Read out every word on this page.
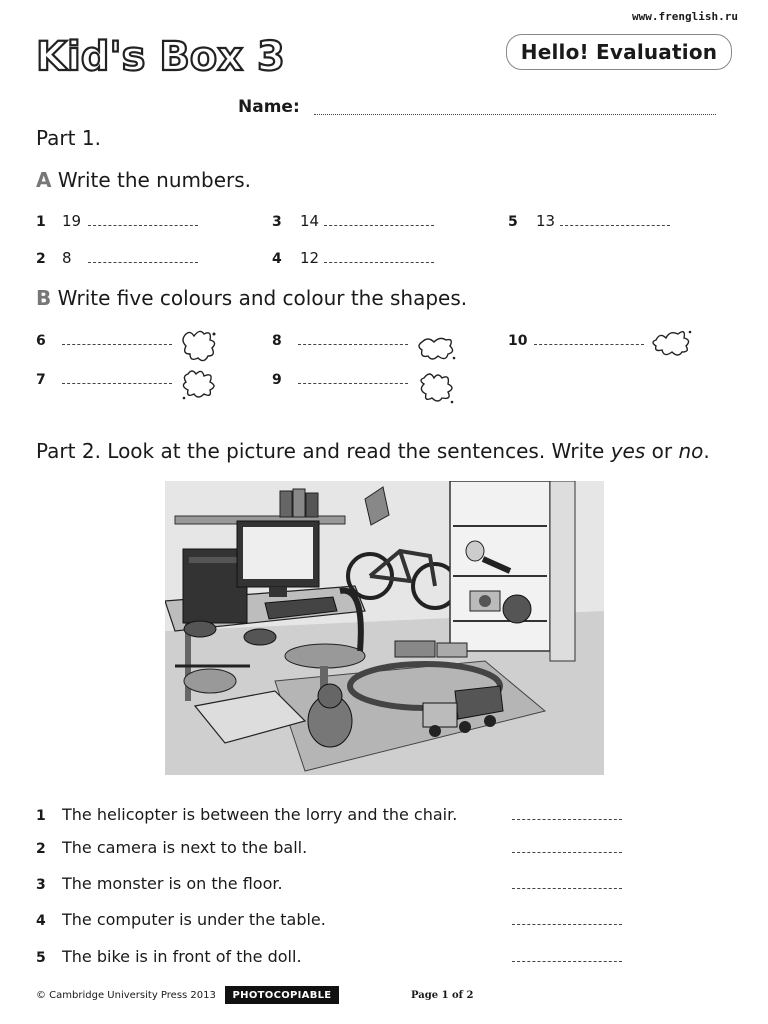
www.frenglish.ru
Kid's Box 3	Hello! Evaluation
Name:
Part 1.
A Write the numbers.
1	19
2	8
3	14
4	12
5	13
B Write five colours and colour the shapes.
6
7
8
9
10
Part 2. Look at the picture and read the sentences. Write yes or no.
1	The helicopter is between the lorry and the chair.
2	The camera is next to the ball.
3	The monster is on the floor.
4	The computer is under the table.
5	The bike is in front of the doll.
© Cambridge University Press 2013	PHOTOCOPIABLE	Page 1 of 2
